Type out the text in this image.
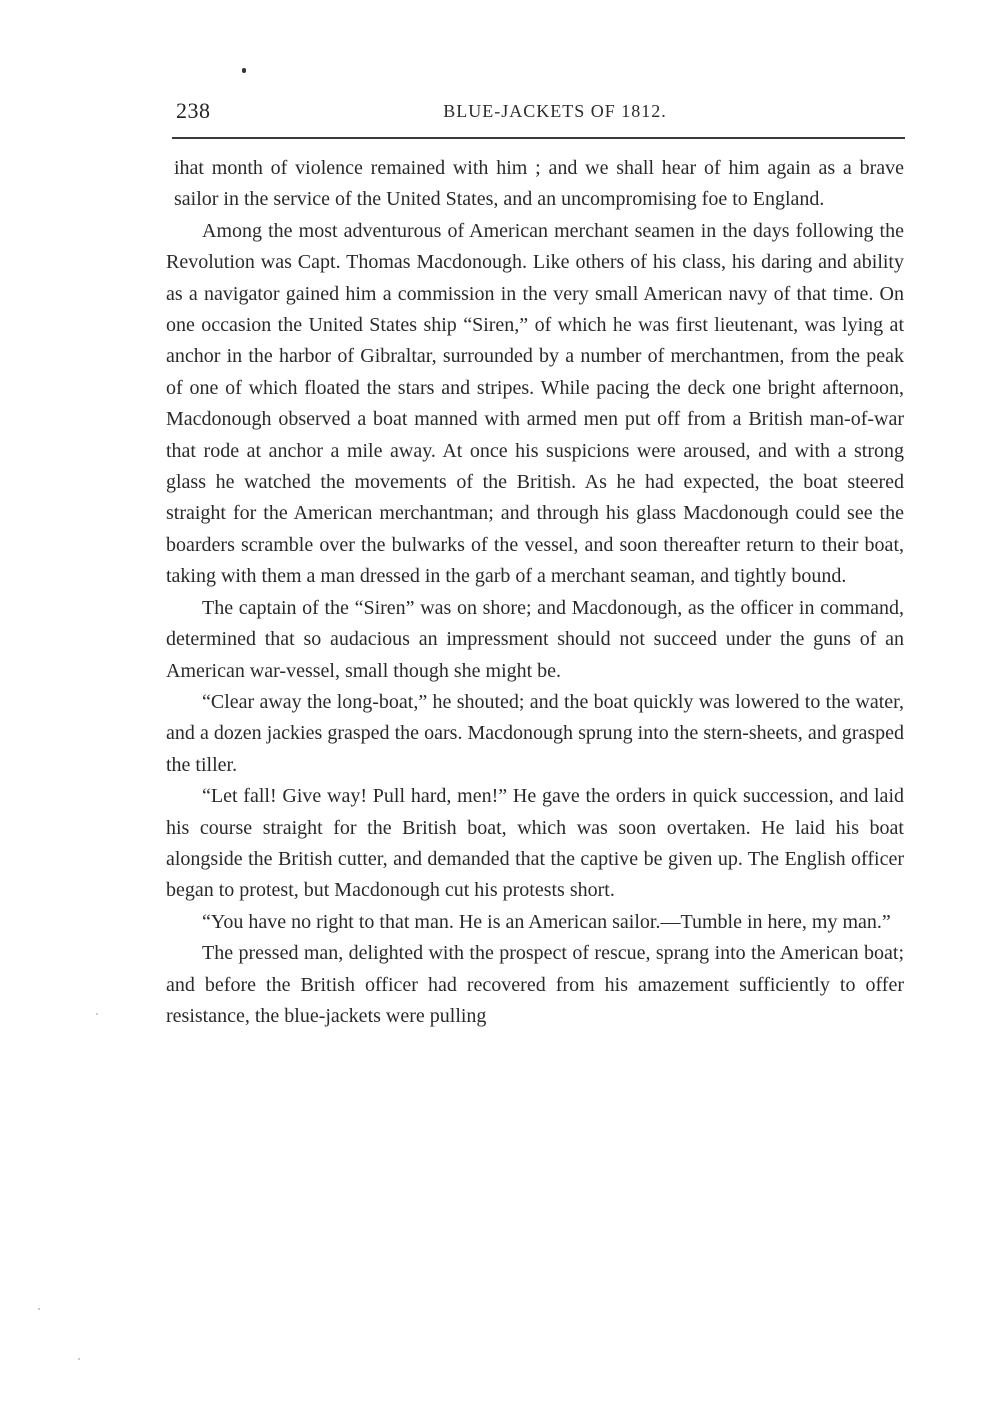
238	BLUE-JACKETS OF 1812.

ihat month of violence remained with him ; and we shall hear of him again as a brave sailor in the service of the United States, and an uncompromising foe to England.

Among the most adventurous of American merchant seamen in the days following the Revolution was Capt. Thomas Macdonough. Like others of his class, his daring and ability as a navigator gained him a commission in the very small American navy of that time. On one occasion the United States ship “Siren,” of which he was first lieutenant, was lying at anchor in the harbor of Gibraltar, surrounded by a number of merchantmen, from the peak of one of which floated the stars and stripes. While pacing the deck one bright afternoon, Macdonough observed a boat manned with armed men put off from a British man-of-war that rode at anchor a mile away. At once his suspicions were aroused, and with a strong glass he watched the movements of the British. As he had expected, the boat steered straight for the American merchantman; and through his glass Macdonough could see the boarders scramble over the bulwarks of the vessel, and soon thereafter return to their boat, taking with them a man dressed in the garb of a merchant seaman, and tightly bound.

The captain of the “Siren” was on shore; and Macdonough, as the officer in command, determined that so audacious an impressment should not succeed under the guns of an American war-vessel, small though she might be.

“Clear away the long-boat,” he shouted; and the boat quickly was lowered to the water, and a dozen jackies grasped the oars. Macdonough sprung into the stern-sheets, and grasped the tiller.

“Let fall! Give way! Pull hard, men!” He gave the orders in quick succession, and laid his course straight for the British boat, which was soon overtaken. He laid his boat alongside the British cutter, and demanded that the captive be given up. The English officer began to protest, but Macdonough cut his protests short.

“You have no right to that man. He is an American sailor.—Tumble in here, my man.”

The pressed man, delighted with the prospect of rescue, sprang into the American boat; and before the British officer had recovered from his amazement sufficiently to offer resistance, the blue-jackets were pulling
